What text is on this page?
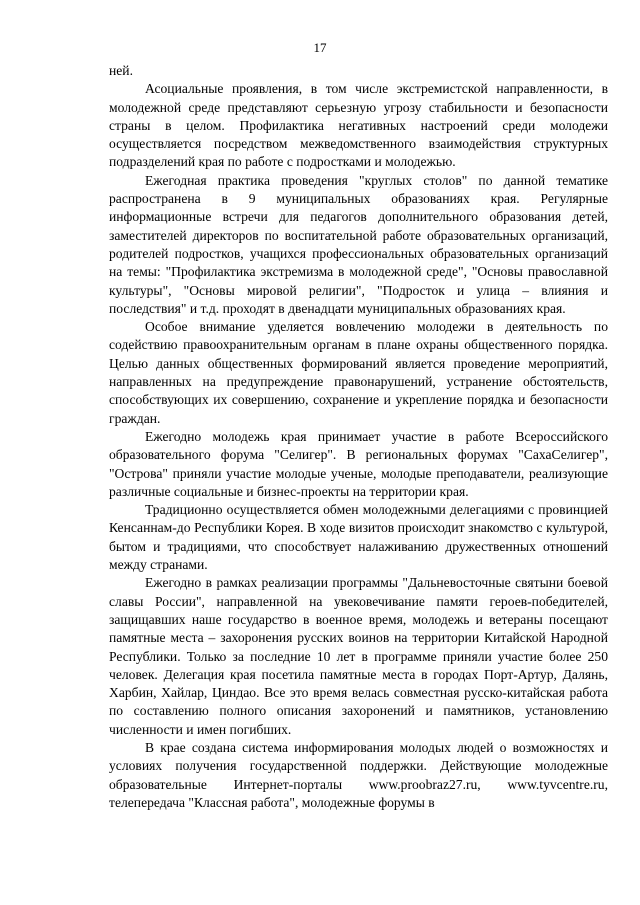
17

ней.

Асоциальные проявления, в том числе экстремистской направленности, в молодежной среде представляют серьезную угрозу стабильности и безопасности страны в целом. Профилактика негативных настроений среди молодежи осуществляется посредством межведомственного взаимодействия структурных подразделений края по работе с подростками и молодежью.

Ежегодная практика проведения "круглых столов" по данной тематике распространена в 9 муниципальных образованиях края. Регулярные информационные встречи для педагогов дополнительного образования детей, заместителей директоров по воспитательной работе образовательных организаций, родителей подростков, учащихся профессиональных образовательных организаций на темы: "Профилактика экстремизма в молодежной среде", "Основы православной культуры", "Основы мировой религии", "Подросток и улица – влияния и последствия" и т.д. проходят в двенадцати муниципальных образованиях края.

Особое внимание уделяется вовлечению молодежи в деятельность по содействию правоохранительным органам в плане охраны общественного порядка. Целью данных общественных формирований является проведение мероприятий, направленных на предупреждение правонарушений, устранение обстоятельств, способствующих их совершению, сохранение и укрепление порядка и безопасности граждан.

Ежегодно молодежь края принимает участие в работе Всероссийского образовательного форума "Селигер". В региональных форумах "СахаСелигер", "Острова" приняли участие молодые ученые, молодые преподаватели, реализующие различные социальные и бизнес-проекты на территории края.

Традиционно осуществляется обмен молодежными делегациями с провинцией Кенсаннам-до Республики Корея. В ходе визитов происходит знакомство с культурой, бытом и традициями, что способствует налаживанию дружественных отношений между странами.

Ежегодно в рамках реализации программы "Дальневосточные святыни боевой славы России", направленной на увековечивание памяти героев-победителей, защищавших наше государство в военное время, молодежь и ветераны посещают памятные места – захоронения русских воинов на территории Китайской Народной Республики. Только за последние 10 лет в программе приняли участие более 250 человек. Делегация края посетила памятные места в городах Порт-Артур, Далянь, Харбин, Хайлар, Циндао. Все это время велась совместная русско-китайская работа по составлению полного описания захоронений и памятников, установлению численности и имен погибших.

В крае создана система информирования молодых людей о возможностях и условиях получения государственной поддержки. Действующие молодежные образовательные Интернет-порталы www.proobraz27.ru, www.tyvcentre.ru, телепередача "Классная работа", молодежные форумы в
